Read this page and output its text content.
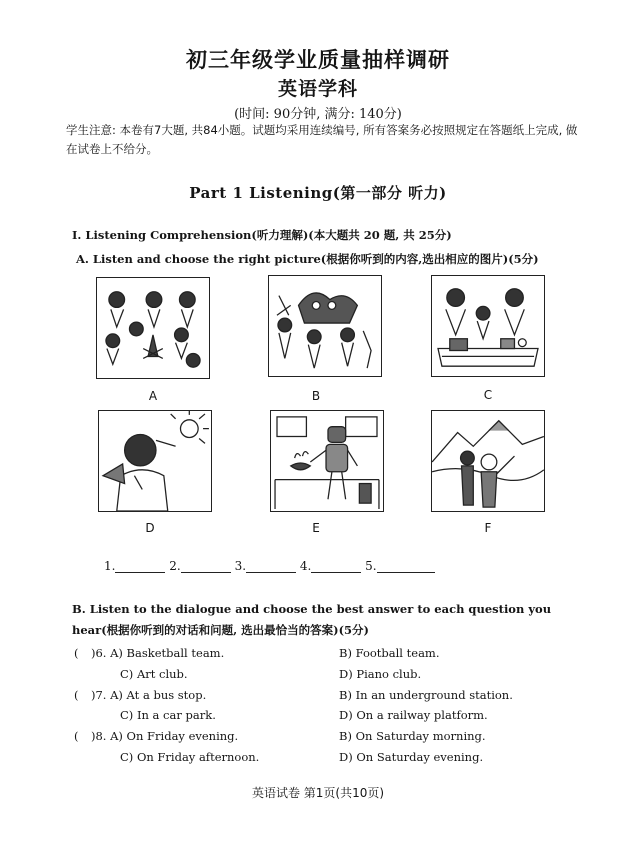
初三年级学业质量抽样调研
英语学科
(时间: 90分钟, 满分: 140分)
学生注意: 本卷有7大题, 共84小题。试题均采用连续编号, 所有答案务必按照规定在答题纸上完成, 做在试卷上不给分。
Part 1 Listening(第一部分 听力)
I. Listening Comprehension(听力理解)(本大题共 20 题, 共 25分)
A. Listen and choose the right picture(根据你听到的内容,选出相应的图片)(5分)
A	B	C
D	E	F
1.	2.	3.	4.	5.
B. Listen to the dialogue and choose the best answer to each question you hear(根据你听到的对话和问题, 选出最恰当的答案)(5分)
( )6. A) Basketball team.	B) Football team.
C) Art club.	D) Piano club.
( )7. A) At a bus stop.	B) In an underground station.
C) In a car park.	D) On a railway platform.
( )8. A) On Friday evening.	B) On Saturday morning.
C) On Friday afternoon.	D) On Saturday evening.
英语试卷 第1页(共10页)
